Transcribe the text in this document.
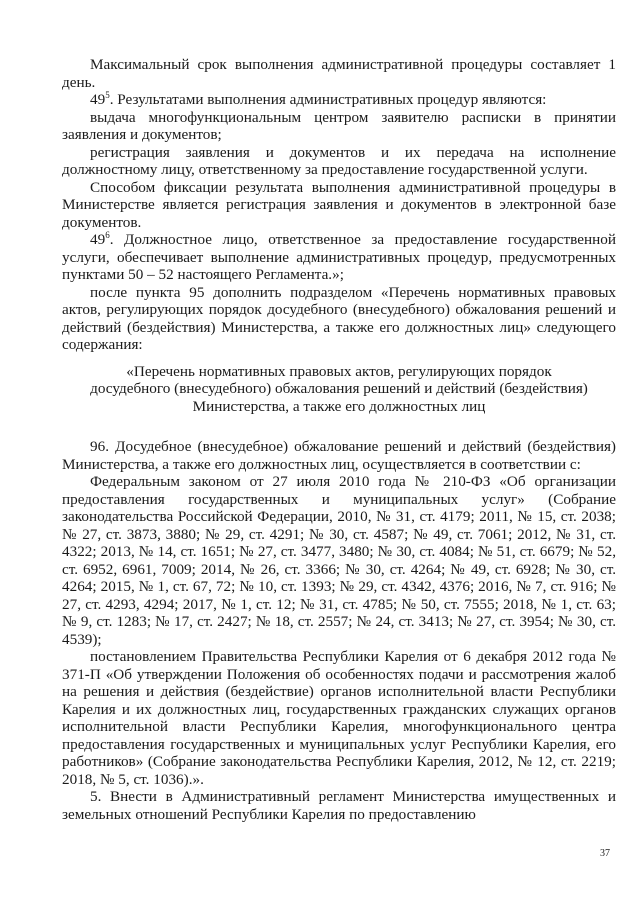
Максимальный срок выполнения административной процедуры составляет 1 день.

$49^5$. Результатами выполнения административных процедур являются:

выдача многофункциональным центром заявителю расписки в принятии заявления и документов;

регистрация заявления и документов и их передача на исполнение должностному лицу, ответственному за предоставление государственной услуги.

Способом фиксации результата выполнения административной процедуры в Министерстве является регистрация заявления и документов в электронной базе документов.

$49^6$. Должностное лицо, ответственное за предоставление государственной услуги, обеспечивает выполнение административных процедур, предусмотренных пунктами 50 – 52 настоящего Регламента.»;

после пункта 95 дополнить подразделом «Перечень нормативных правовых актов, регулирующих порядок досудебного (внесудебного) обжалования решений и действий (бездействия) Министерства, а также его должностных лиц» следующего содержания:

«Перечень нормативных правовых актов, регулирующих порядок

досудебного (внесудебного) обжалования решений и действий (бездействия)

Министерства, а также его должностных лиц

96. Досудебное (внесудебное) обжалование решений и действий (бездействия) Министерства, а также его должностных лиц, осуществляется в соответствии с:

Федеральным законом от 27 июля 2010 года № 210-ФЗ «Об организации предоставления государственных и муниципальных услуг» (Собрание законодательства Российской Федерации, 2010, № 31, ст. 4179; 2011, № 15, ст. 2038; № 27, ст. 3873, 3880; № 29, ст. 4291; № 30, ст. 4587; № 49, ст. 7061; 2012, № 31, ст. 4322; 2013, № 14, ст. 1651; № 27, ст. 3477, 3480; № 30, ст. 4084; № 51, ст. 6679; № 52, ст. 6952, 6961, 7009; 2014, № 26, ст. 3366; № 30, ст. 4264; № 49, ст. 6928; № 30, ст. 4264; 2015, № 1, ст. 67, 72; № 10, ст. 1393; № 29, ст. 4342, 4376; 2016, № 7, ст. 916; № 27, ст. 4293, 4294; 2017, № 1, ст. 12; № 31, ст. 4785; № 50, ст. 7555; 2018, № 1, ст. 63; № 9, ст. 1283; № 17, ст. 2427; № 18, ст. 2557; № 24, ст. 3413; № 27, ст. 3954; № 30, ст. 4539);

постановлением Правительства Республики Карелия от 6 декабря 2012 года № 371-П «Об утверждении Положения об особенностях подачи и рассмотрения жалоб на решения и действия (бездействие) органов исполнительной власти Республики Карелия и их должностных лиц, государственных гражданских служащих органов исполнительной власти Республики Карелия, многофункционального центра предоставления государственных и муниципальных услуг Республики Карелия, его работников» (Собрание законодательства Республики Карелия, 2012, № 12, ст. 2219; 2018, № 5, ст. 1036).».

5. Внести в Административный регламент Министерства имущественных и земельных отношений Республики Карелия по предоставлению

37
